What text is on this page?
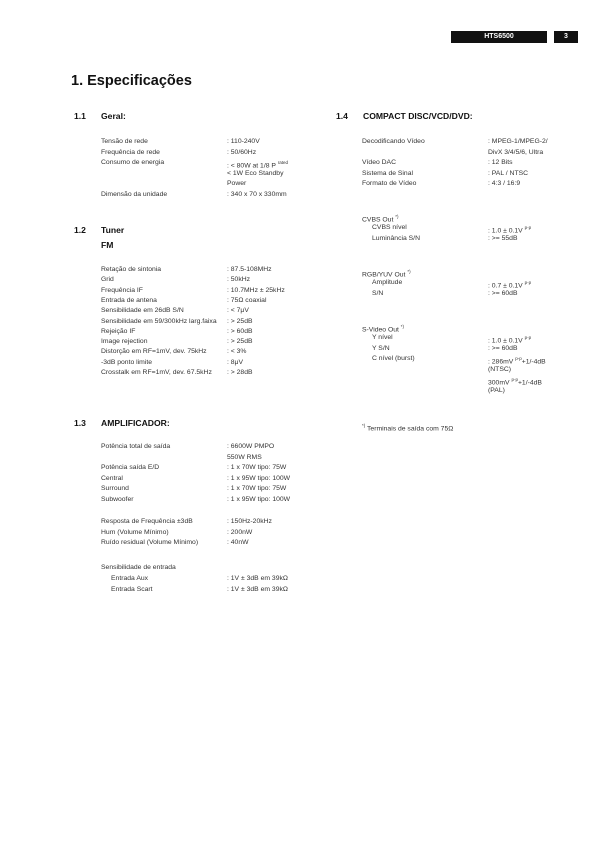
HTS6500	3
1. Especificações
1.1 Geral:
1.2 Tuner
FM
1.3 AMPLIFICADOR:
1.4 COMPACT DISC/VCD/DVD:
Tensão de rede	: 110-240V
Frequência de rede	: 50/60Hz
Consumo de energia	: < 80W at 1/8 P $^{rated}$
< 1W Eco Standby
Power
Dimensão da unidade	: 340 x 70 x 330mm
Retação de sintonia	: 87.5-108MHz
Grid	: 50kHz
Frequência IF	: 10.7MHz ± 25kHz
Entrada de antena	: 75Ω coaxial
Sensibilidade em 26dB S/N	: < 7μV
Sensibilidade em 59/300kHz larg.faixa : > 25dB
Rejeição IF	: > 60dB
Image rejection	: > 25dB
Distorção em RF=1mV, dev. 75kHz	: < 3%
-3dB ponto limite	: 8μV
Crosstalk em RF=1mV, dev. 67.5kHz : > 28dB
Potência total de saída	: 6600W PMPO
550W RMS
Potência saída E/D	: 1 x 70W tipo: 75W
Central	: 1 x 95W tipo: 100W
Surround	: 1 x 70W tipo: 75W
Subwoofer	: 1 x 95W tipo: 100W
Resposta de Frequência ±3dB	: 150Hz-20kHz
Hum (Volume Mínimo)	: 200nW
Ruído residual (Volume Mínimo)	: 40nW
Sensibilidade de entrada
Entrada Aux	: 1V ± 3dB em 39kΩ
Entrada Scart	: 1V ± 3dB em 39kΩ
Decodificando Vídeo	: MPEG-1/MPEG-2/
DivX 3/4/5/6, Ultra
Vídeo DAC	: 12 Bits
Sistema de Sinal	: PAL / NTSC
Formato de Vídeo	: 4:3 / 16:9
CVBS Out *)
CVBS nível	: 1.0 ± 0.1V $^{p-p}$
Luminância S/N	: >= 55dB
RGB/YUV Out *)
Amplitude	: 0.7 ± 0.1V $^{p-p}$
S/N	: >= 60dB
S-Video Out *)
Y nível	: 1.0 ± 0.1V $^{p-p}$
Y S/N	: >= 60dB
C nível (burst)	: 286mV $^{p-p}$+1/-4dB
(NTSC)
300mV $^{p-p}$+1/-4dB
(PAL)
*) Terminais de saída com 75Ω
